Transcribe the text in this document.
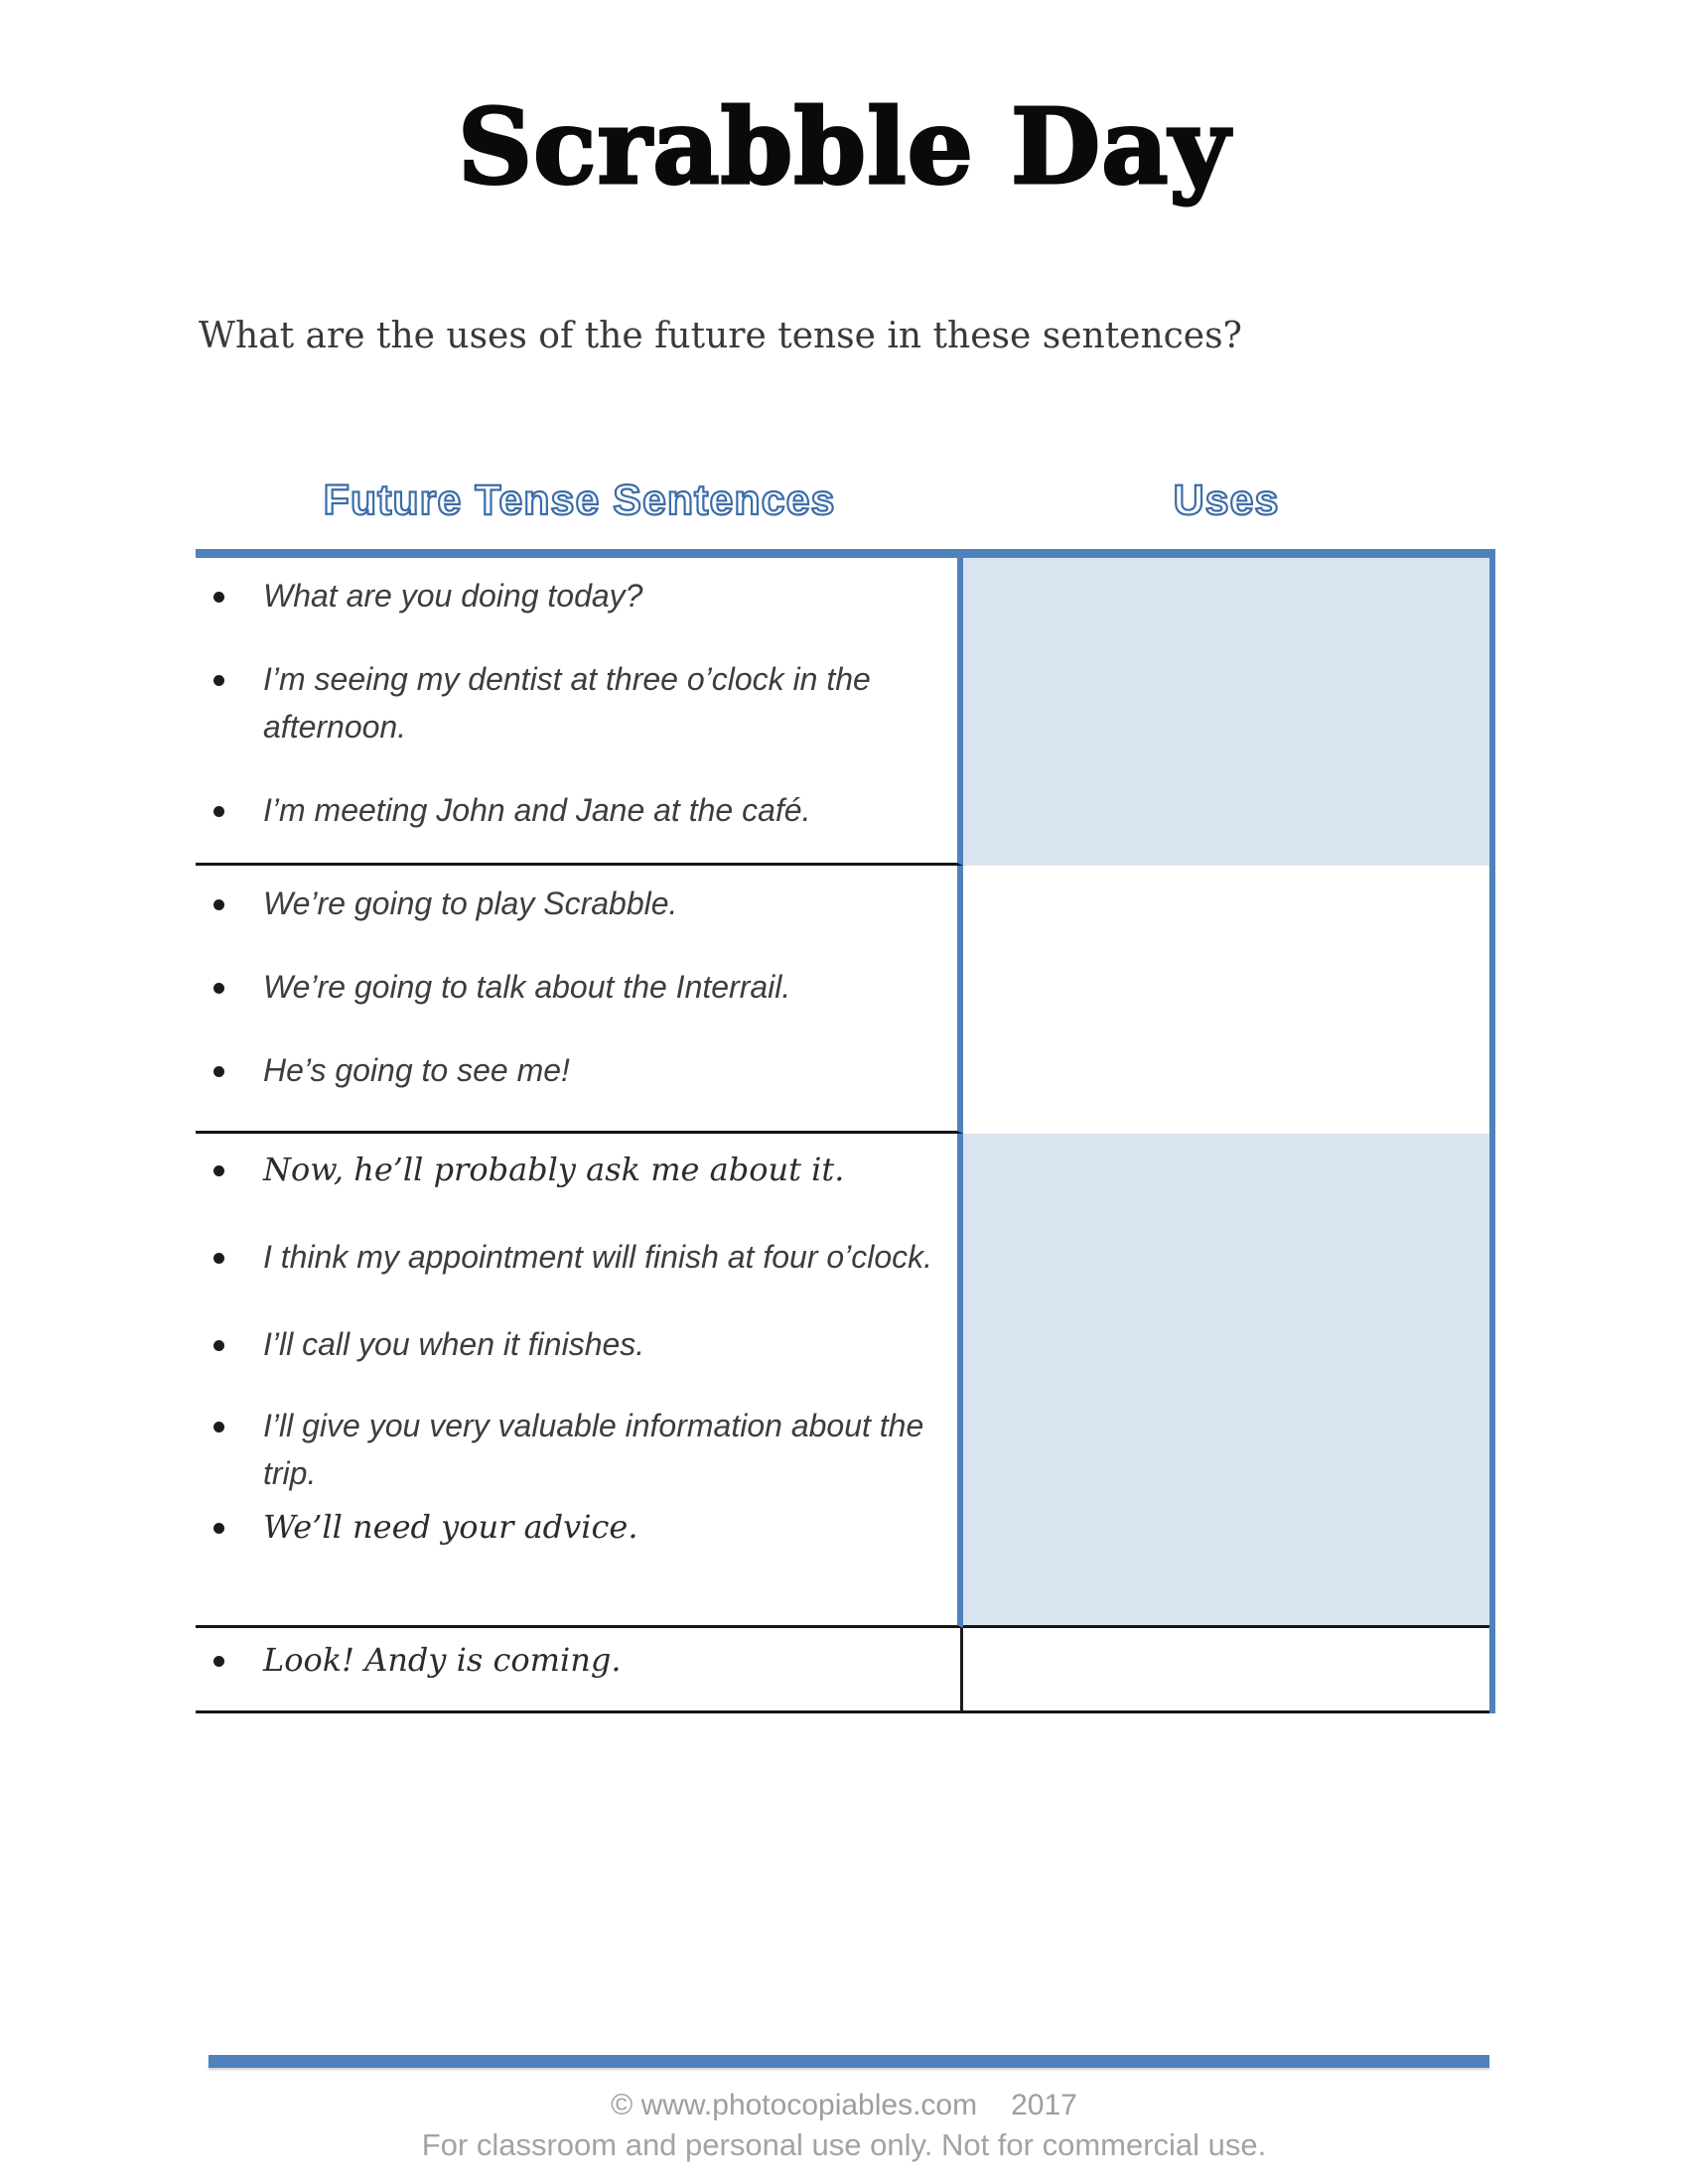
Scrabble Day

What are the uses of the future tense in these sentences?

Future Tense Sentences	Uses
What are you doing today?
I’m seeing my dentist at three o’clock in the afternoon.
I’m meeting John and Jane at the café.
We’re going to play Scrabble.
We’re going to talk about the Interrail.
He’s going to see me!
Now, he’ll probably ask me about it.
I think my appointment will finish at four o’clock.
I’ll call you when it finishes.
I’ll give you very valuable information about the trip.
We’ll need your advice.
Look! Andy is coming.
© www.photocopiables.com 2017
For classroom and personal use only. Not for commercial use.
